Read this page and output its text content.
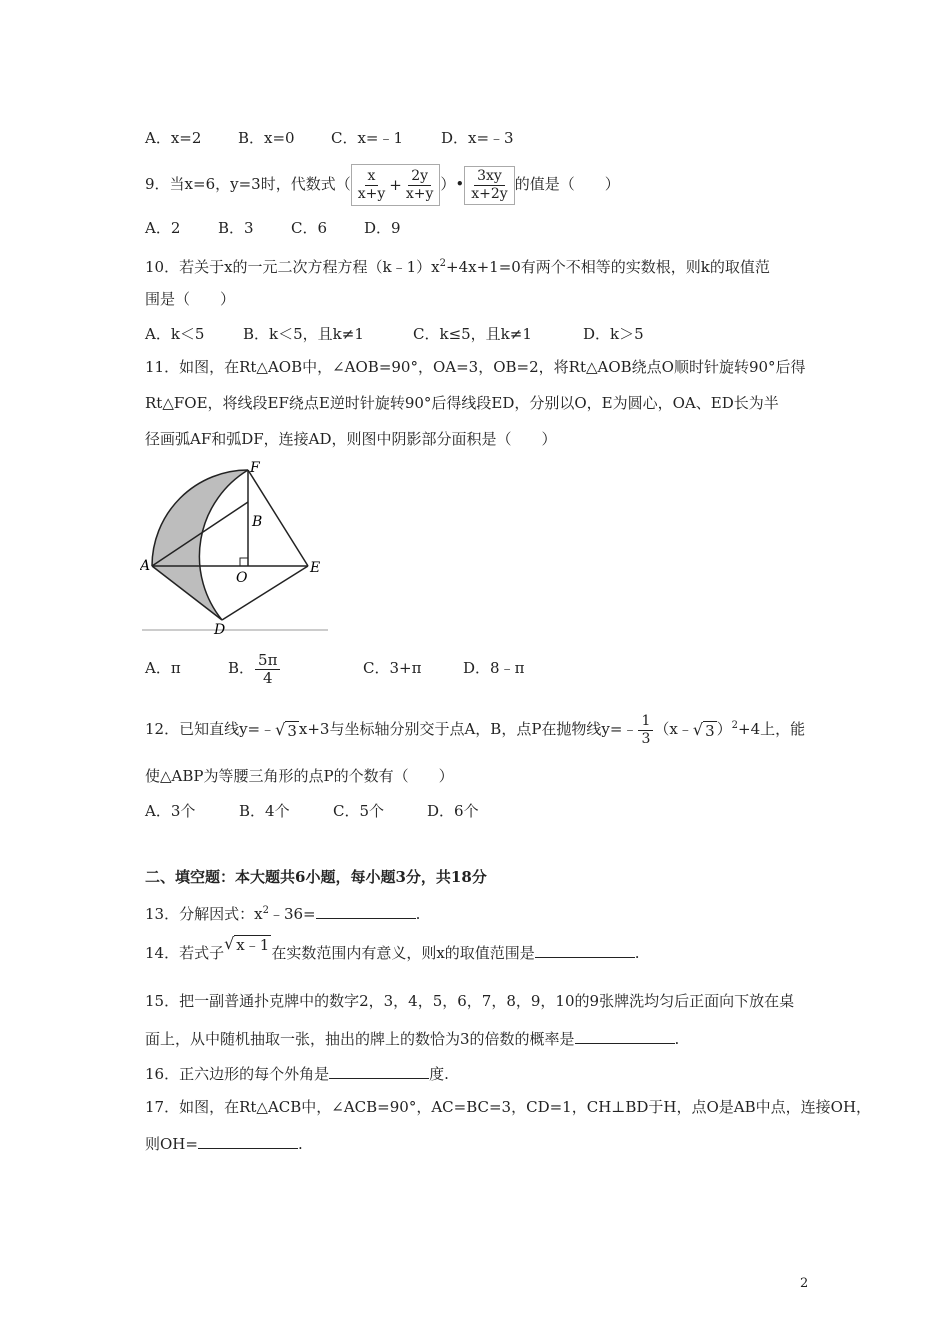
A．x=2 B．x=0 C．x=﹣1	D．x=﹣3
9．当x=6，y=3时，代数式（ $\frac{x}{x+y} + \frac{2y}{x+y}$ ）• $\frac{3xy}{x+2y}$ 的值是（　　）
A．2	B．3 C．6 D．9
10．若关于x的一元二次方程方程$(k﹣1)x^2+4x+1=0$有两个不相等的实数根，则k的取值范
围是（　　）
A．k＜5	B．k＜5，且k≠1	C．k≤5，且k≠1	D．k＞5
11．如图，在Rt△AOB中，∠AOB=90°，OA=3，OB=2，将Rt△AOB绕点O顺时针旋转90°后得
Rt△FOE，将线段EF绕点E逆时针旋转90°后得线段ED，分别以O，E为圆心，OA、ED长为半
径画弧AF和弧DF，连接AD，则图中阴影部分面积是（　　）
F
B
A
O
E
D
A．π	B． $\frac{5\pi}{4}$	C．3+π	D．8﹣π
12．已知直线y=﹣ √ 3 x+3与坐标轴分别交于点A，B，点P在抛物线y=﹣ $\frac{1}{3}$ （x﹣ √ 3 ）$^2$+4上，能
使△ABP为等腰三角形的点P的个数有（　　）
A．3个	B．4个	C．5个	D．6个
二、填空题：本大题共6小题，每小题3分，共18分
13．分解因式：$x^2﹣36=$	.
14．若式子 √ x﹣1 在实数范围内有意义，则x的取值范围是	.
15．把一副普通扑克牌中的数字2，3，4，5，6，7，8，9，10的9张牌洗均匀后正面向下放在桌
面上，从中随机抽取一张，抽出的牌上的数恰为3的倍数的概率是	.
16．正六边形的每个外角是	度.
17．如图，在Rt△ACB中，∠ACB=90°，AC=BC=3，CD=1，CH⊥BD于H，点O是AB中点，连接OH，
则OH=	.
2
